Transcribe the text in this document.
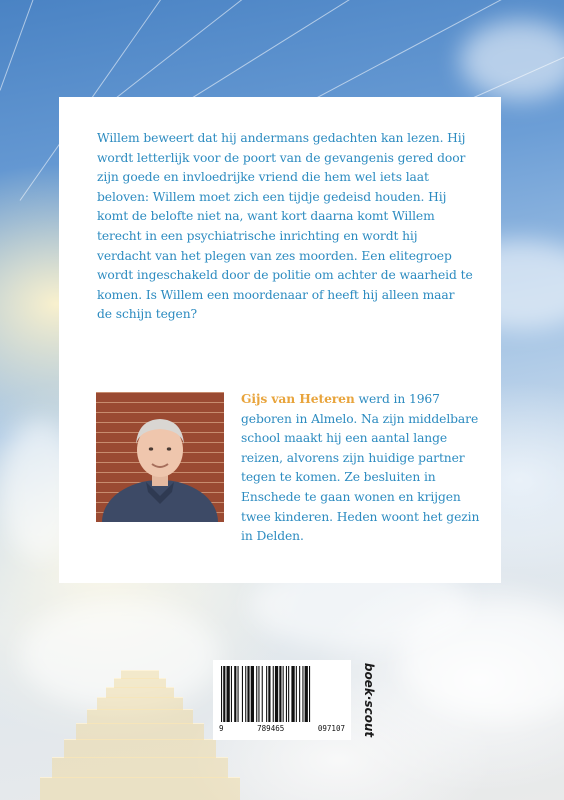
Willem beweert dat hij andermans gedachten kan lezen. Hij wordt letterlijk voor de poort van de gevangenis gered door zijn goede en invloedrijke vriend die hem wel iets laat beloven: Willem moet zich een tijdje gedeisd houden. Hij komt de belofte niet na, want kort daarna komt Willem terecht in een psychiatrische inrichting en wordt hij verdacht van het plegen van zes moorden. Een elitegroep wordt ingeschakeld door de politie om achter de waarheid te komen. Is Willem een moordenaar of heeft hij alleen maar de schijn tegen?

Gijs van Heteren werd in 1967 geboren in Almelo. Na zijn middelbare school maakt hij een aantal lange reizen, alvorens zijn huidige partner tegen te komen. Ze besluiten in Enschede te gaan wonen en krijgen twee kinderen. Heden woont het gezin in Delden.

9	789465	097107 boek·scout
